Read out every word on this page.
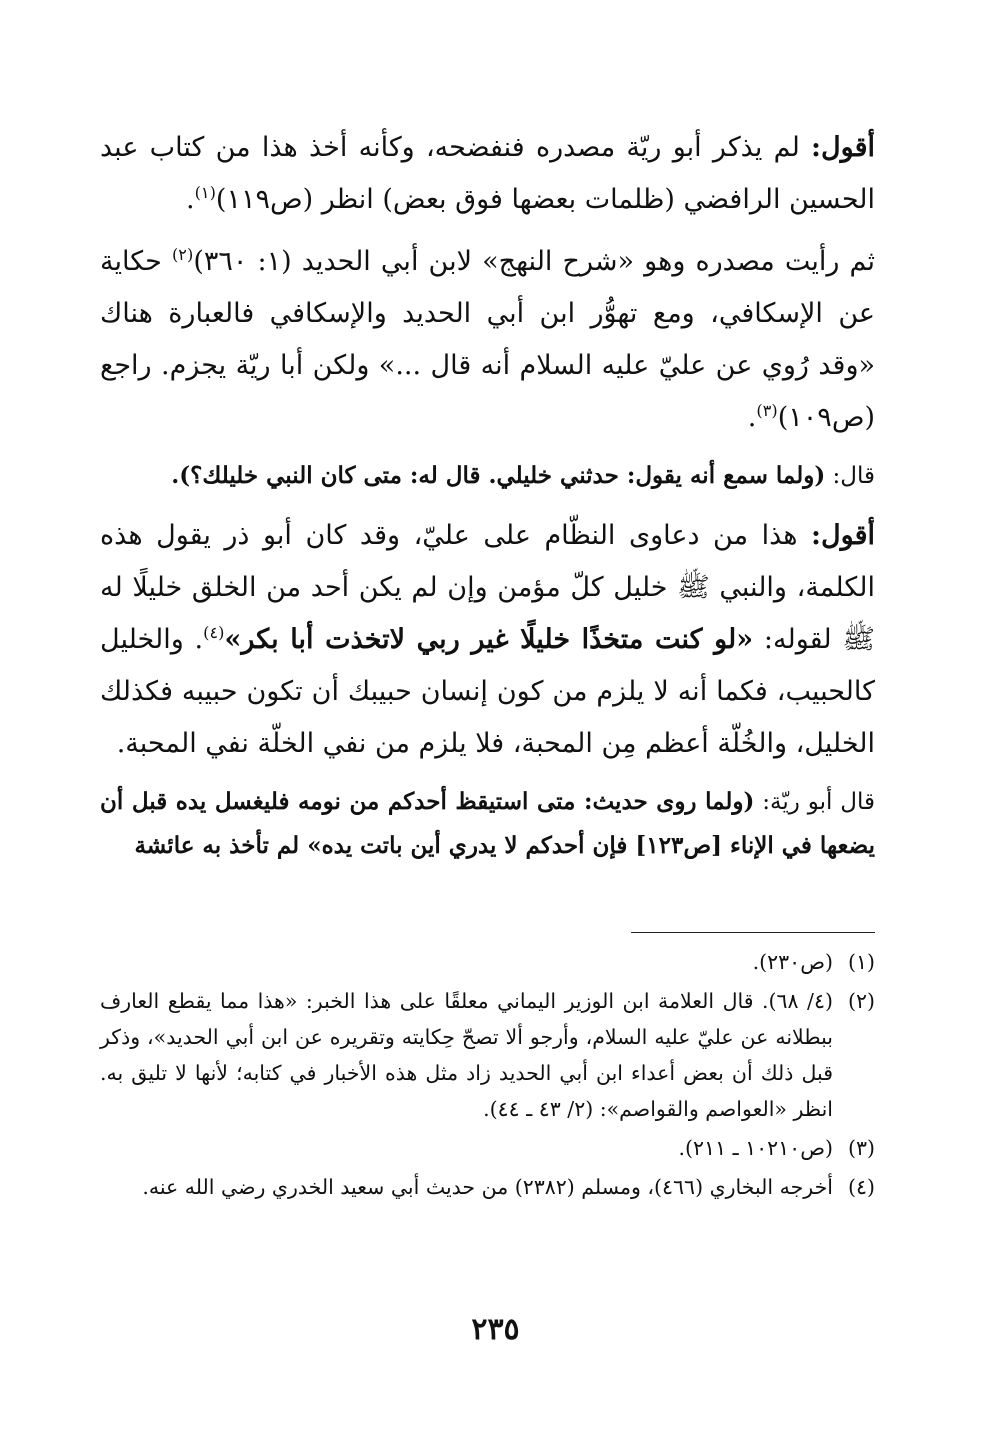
أقول: لم يذكر أبو ريّة مصدره فنفضحه، وكأنه أخذ هذا من كتاب عبد الحسين الرافضي (ظلمات بعضها فوق بعض) انظر (ص١١٩)$^{(١)}$.

ثم رأيت مصدره وهو «شرح النهج» لابن أبي الحديد (١: ٣٦٠)$^{(٢)}$ حكاية عن الإسكافي، ومع تهوُّر ابن أبي الحديد والإسكافي فالعبارة هناك «وقد رُوي عن عليّ عليه السلام أنه قال ...» ولكن أبا ريّة يجزم. راجع (ص١٠٩)$^{(٣)}$.

قال: (ولما سمع أنه يقول: حدثني خليلي. قال له: متى كان النبي خليلك؟).

أقول: هذا من دعاوى النظّام على عليّ، وقد كان أبو ذر يقول هذه الكلمة، والنبي ﷺ خليل كلّ مؤمن وإن لم يكن أحد من الخلق خليلًا له ﷺ لقوله: «لو كنت متخذًا خليلًا غير ربي لاتخذت أبا بكر»$^{(٤)}$. والخليل كالحبيب، فكما أنه لا يلزم من كون إنسان حبيبك أن تكون حبيبه فكذلك الخليل، والخُلّة أعظم مِن المحبة، فلا يلزم من نفي الخلّة نفي المحبة.

قال أبو ريّة: (ولما روى حديث: متى استيقظ أحدكم من نومه فليغسل يده قبل أن يضعها في الإناء [ص١٢٣] فإن أحدكم لا يدري أين باتت يده» لم تأخذ به عائشة

(١)
(ص٢٣٠).
(٢)
(٤/ ٦٨). قال العلامة ابن الوزير اليماني معلقًا على هذا الخبر: «هذا مما يقطع العارف ببطلانه عن عليّ عليه السلام، وأرجو ألا تصحّ حِكايته وتقريره عن ابن أبي الحديد»، وذكر قبل ذلك أن بعض أعداء ابن أبي الحديد زاد مثل هذه الأخبار في كتابه؛ لأنها لا تليق به. انظر «العواصم والقواصم»: (٢/ ٤٣ ـ ٤٤).
(٣)
(ص١٠٢١٠ ـ ٢١١).
(٤)
أخرجه البخاري (٤٦٦)، ومسلم (٢٣٨٢) من حديث أبي سعيد الخدري رضي الله عنه.
٢٣٥
